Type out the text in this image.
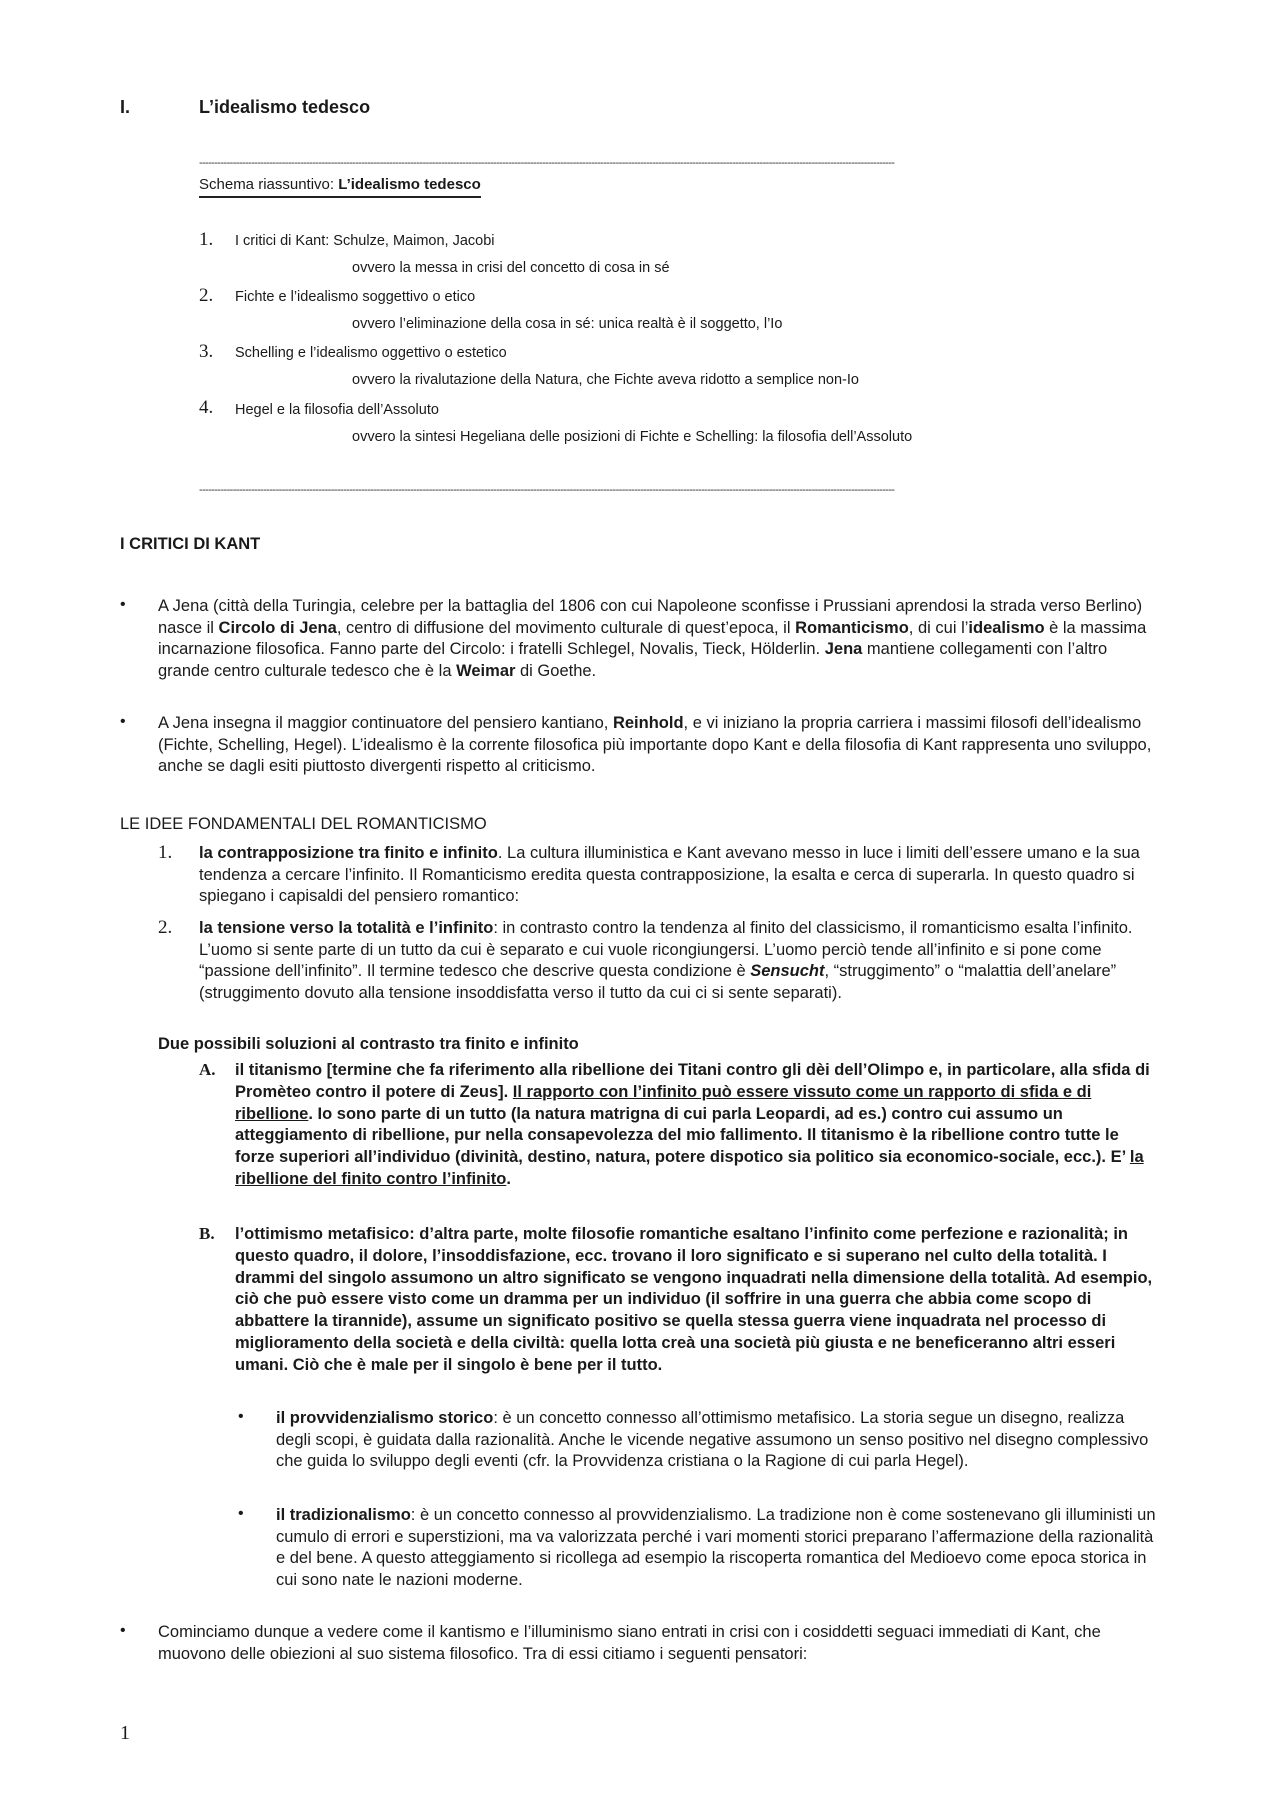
I.	L’idealismo tedesco
-----------------------------------------------------------------------------------------------------------------------------------------------------------------------------------------------------------------------------------
Schema riassuntivo: L’idealismo tedesco
1. I critici di Kant: Schulze, Maimon, Jacobi
ovvero la messa in crisi del concetto di cosa in sé
2. Fichte e l’idealismo soggettivo o etico
ovvero l’eliminazione della cosa in sé: unica realtà è il soggetto, l’Io
3. Schelling e l’idealismo oggettivo o estetico
ovvero la rivalutazione della Natura, che Fichte aveva ridotto a semplice non-Io
4. Hegel e la filosofia dell’Assoluto
ovvero la sintesi Hegeliana delle posizioni di Fichte e Schelling: la filosofia dell’Assoluto
-----------------------------------------------------------------------------------------------------------------------------------------------------------------------------------------------------------------------------------
I CRITICI DI KANT
• A Jena (città della Turingia, celebre per la battaglia del 1806 con cui Napoleone sconfisse i Prussiani aprendosi la strada verso Berlino) nasce il Circolo di Jena, centro di diffusione del movimento culturale di quest’epoca, il Romanticismo, di cui l’idealismo è la massima incarnazione filosofica. Fanno parte del Circolo: i fratelli Schlegel, Novalis, Tieck, Hölderlin. Jena mantiene collegamenti con l’altro grande centro culturale tedesco che è la Weimar di Goethe.
• A Jena insegna il maggior continuatore del pensiero kantiano, Reinhold, e vi iniziano la propria carriera i massimi filosofi dell’idealismo (Fichte, Schelling, Hegel). L’idealismo è la corrente filosofica più importante dopo Kant e della filosofia di Kant rappresenta uno sviluppo, anche se dagli esiti piuttosto divergenti rispetto al criticismo.
LE IDEE FONDAMENTALI DEL ROMANTICISMO
1. la contrapposizione tra finito e infinito. La cultura illuministica e Kant avevano messo in luce i limiti dell’essere umano e la sua tendenza a cercare l’infinito. Il Romanticismo eredita questa contrapposizione, la esalta e cerca di superarla. In questo quadro si spiegano i capisaldi del pensiero romantico:
2. la tensione verso la totalità e l’infinito: in contrasto contro la tendenza al finito del classicismo, il romanticismo esalta l’infinito. L’uomo si sente parte di un tutto da cui è separato e cui vuole ricongiungersi. L’uomo perciò tende all’infinito e si pone come “passione dell’infinito”. Il termine tedesco che descrive questa condizione è Sensucht, “struggimento” o “malattia dell’anelare” (struggimento dovuto alla tensione insoddisfatta verso il tutto da cui ci si sente separati).
Due possibili soluzioni al contrasto tra finito e infinito
A. il titanismo [termine che fa riferimento alla ribellione dei Titani contro gli dèi dell’Olimpo e, in particolare, alla sfida di Promèteo contro il potere di Zeus]. Il rapporto con l’infinito può essere vissuto come un rapporto di sfida e di ribellione. Io sono parte di un tutto (la natura matrigna di cui parla Leopardi, ad es.) contro cui assumo un atteggiamento di ribellione, pur nella consapevolezza del mio fallimento. Il titanismo è la ribellione contro tutte le forze superiori all’individuo (divinità, destino, natura, potere dispotico sia politico sia economico-sociale, ecc.). E’ la ribellione del finito contro l’infinito.
B. l’ottimismo metafisico: d’altra parte, molte filosofie romantiche esaltano l’infinito come perfezione e razionalità; in questo quadro, il dolore, l’insoddisfazione, ecc. trovano il loro significato e si superano nel culto della totalità. I drammi del singolo assumono un altro significato se vengono inquadrati nella dimensione della totalità. Ad esempio, ciò che può essere visto come un dramma per un individuo (il soffrire in una guerra che abbia come scopo di abbattere la tirannide), assume un significato positivo se quella stessa guerra viene inquadrata nel processo di miglioramento della società e della civiltà: quella lotta creà una società più giusta e ne beneficeranno altri esseri umani. Ciò che è male per il singolo è bene per il tutto.
• il provvidenzialismo storico: è un concetto connesso all’ottimismo metafisico. La storia segue un disegno, realizza degli scopi, è guidata dalla razionalità. Anche le vicende negative assumono un senso positivo nel disegno complessivo che guida lo sviluppo degli eventi (cfr. la Provvidenza cristiana o la Ragione di cui parla Hegel).
• il tradizionalismo: è un concetto connesso al provvidenzialismo. La tradizione non è come sostenevano gli illuministi un cumulo di errori e superstizioni, ma va valorizzata perché i vari momenti storici preparano l’affermazione della razionalità e del bene. A questo atteggiamento si ricollega ad esempio la riscoperta romantica del Medioevo come epoca storica in cui sono nate le nazioni moderne.
• Cominciamo dunque a vedere come il kantismo e l’illuminismo siano entrati in crisi con i cosiddetti seguaci immediati di Kant, che muovono delle obiezioni al suo sistema filosofico. Tra di essi citiamo i seguenti pensatori:
1
